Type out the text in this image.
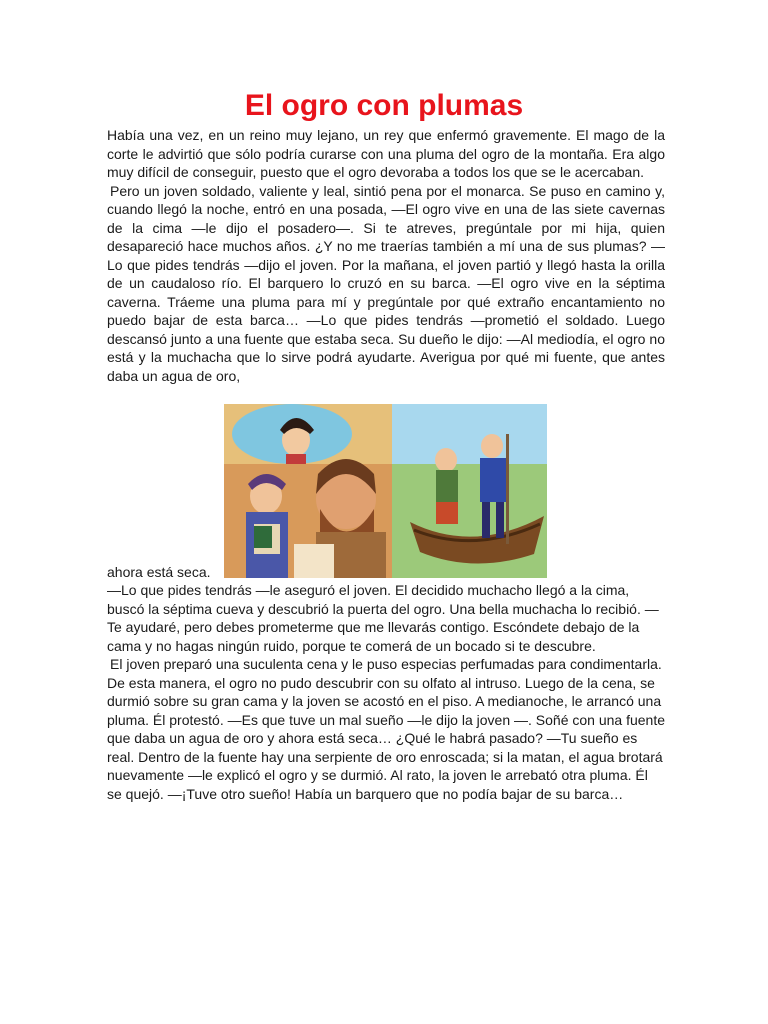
El ogro con plumas

Había una vez, en un reino muy lejano, un rey que enfermó gravemente. El mago de la corte le advirtió que sólo podría curarse con una pluma del ogro de la montaña. Era algo muy difícil de conseguir, puesto que el ogro devoraba a todos los que se le acercaban.

Pero un joven soldado, valiente y leal, sintió pena por el monarca. Se puso en camino y, cuando llegó la noche, entró en una posada, —El ogro vive en una de las siete cavernas de la cima —le dijo el posadero—. Si te atreves, pregúntale por mi hija, quien desapareció hace muchos años. ¿Y no me traerías también a mí una de sus plumas? —Lo que pides tendrás —dijo el joven. Por la mañana, el joven partió y llegó hasta la orilla de un caudaloso río. El barquero lo cruzó en su barca. —El ogro vive en la séptima caverna. Tráeme una pluma para mí y pregúntale por qué extraño encantamiento no puedo bajar de esta barca… —Lo que pides tendrás —prometió el soldado. Luego descansó junto a una fuente que estaba seca. Su dueño le dijo: —Al mediodía, el ogro no está y la muchacha que lo sirve podrá ayudarte. Averigua por qué mi fuente, que antes daba un agua de oro,

ahora está seca.

—Lo que pides tendrás —le aseguró el joven. El decidido muchacho llegó a la cima, buscó la séptima cueva y descubrió la puerta del ogro. Una bella muchacha lo recibió. —Te ayudaré, pero debes prometerme que me llevarás contigo. Escóndete debajo de la cama y no hagas ningún ruido, porque te comerá de un bocado si te descubre.

El joven preparó una suculenta cena y le puso especias perfumadas para condimentarla. De esta manera, el ogro no pudo descubrir con su olfato al intruso. Luego de la cena, se durmió sobre su gran cama y la joven se acostó en el piso. A medianoche, le arrancó una pluma. Él protestó. —Es que tuve un mal sueño —le dijo la joven —. Soñé con una fuente que daba un agua de oro y ahora está seca… ¿Qué le habrá pasado? —Tu sueño es real. Dentro de la fuente hay una serpiente de oro enroscada; si la matan, el agua brotará nuevamente —le explicó el ogro y se durmió. Al rato, la joven le arrebató otra pluma. Él se quejó. —¡Tuve otro sueño! Había un barquero que no podía bajar de su barca…
